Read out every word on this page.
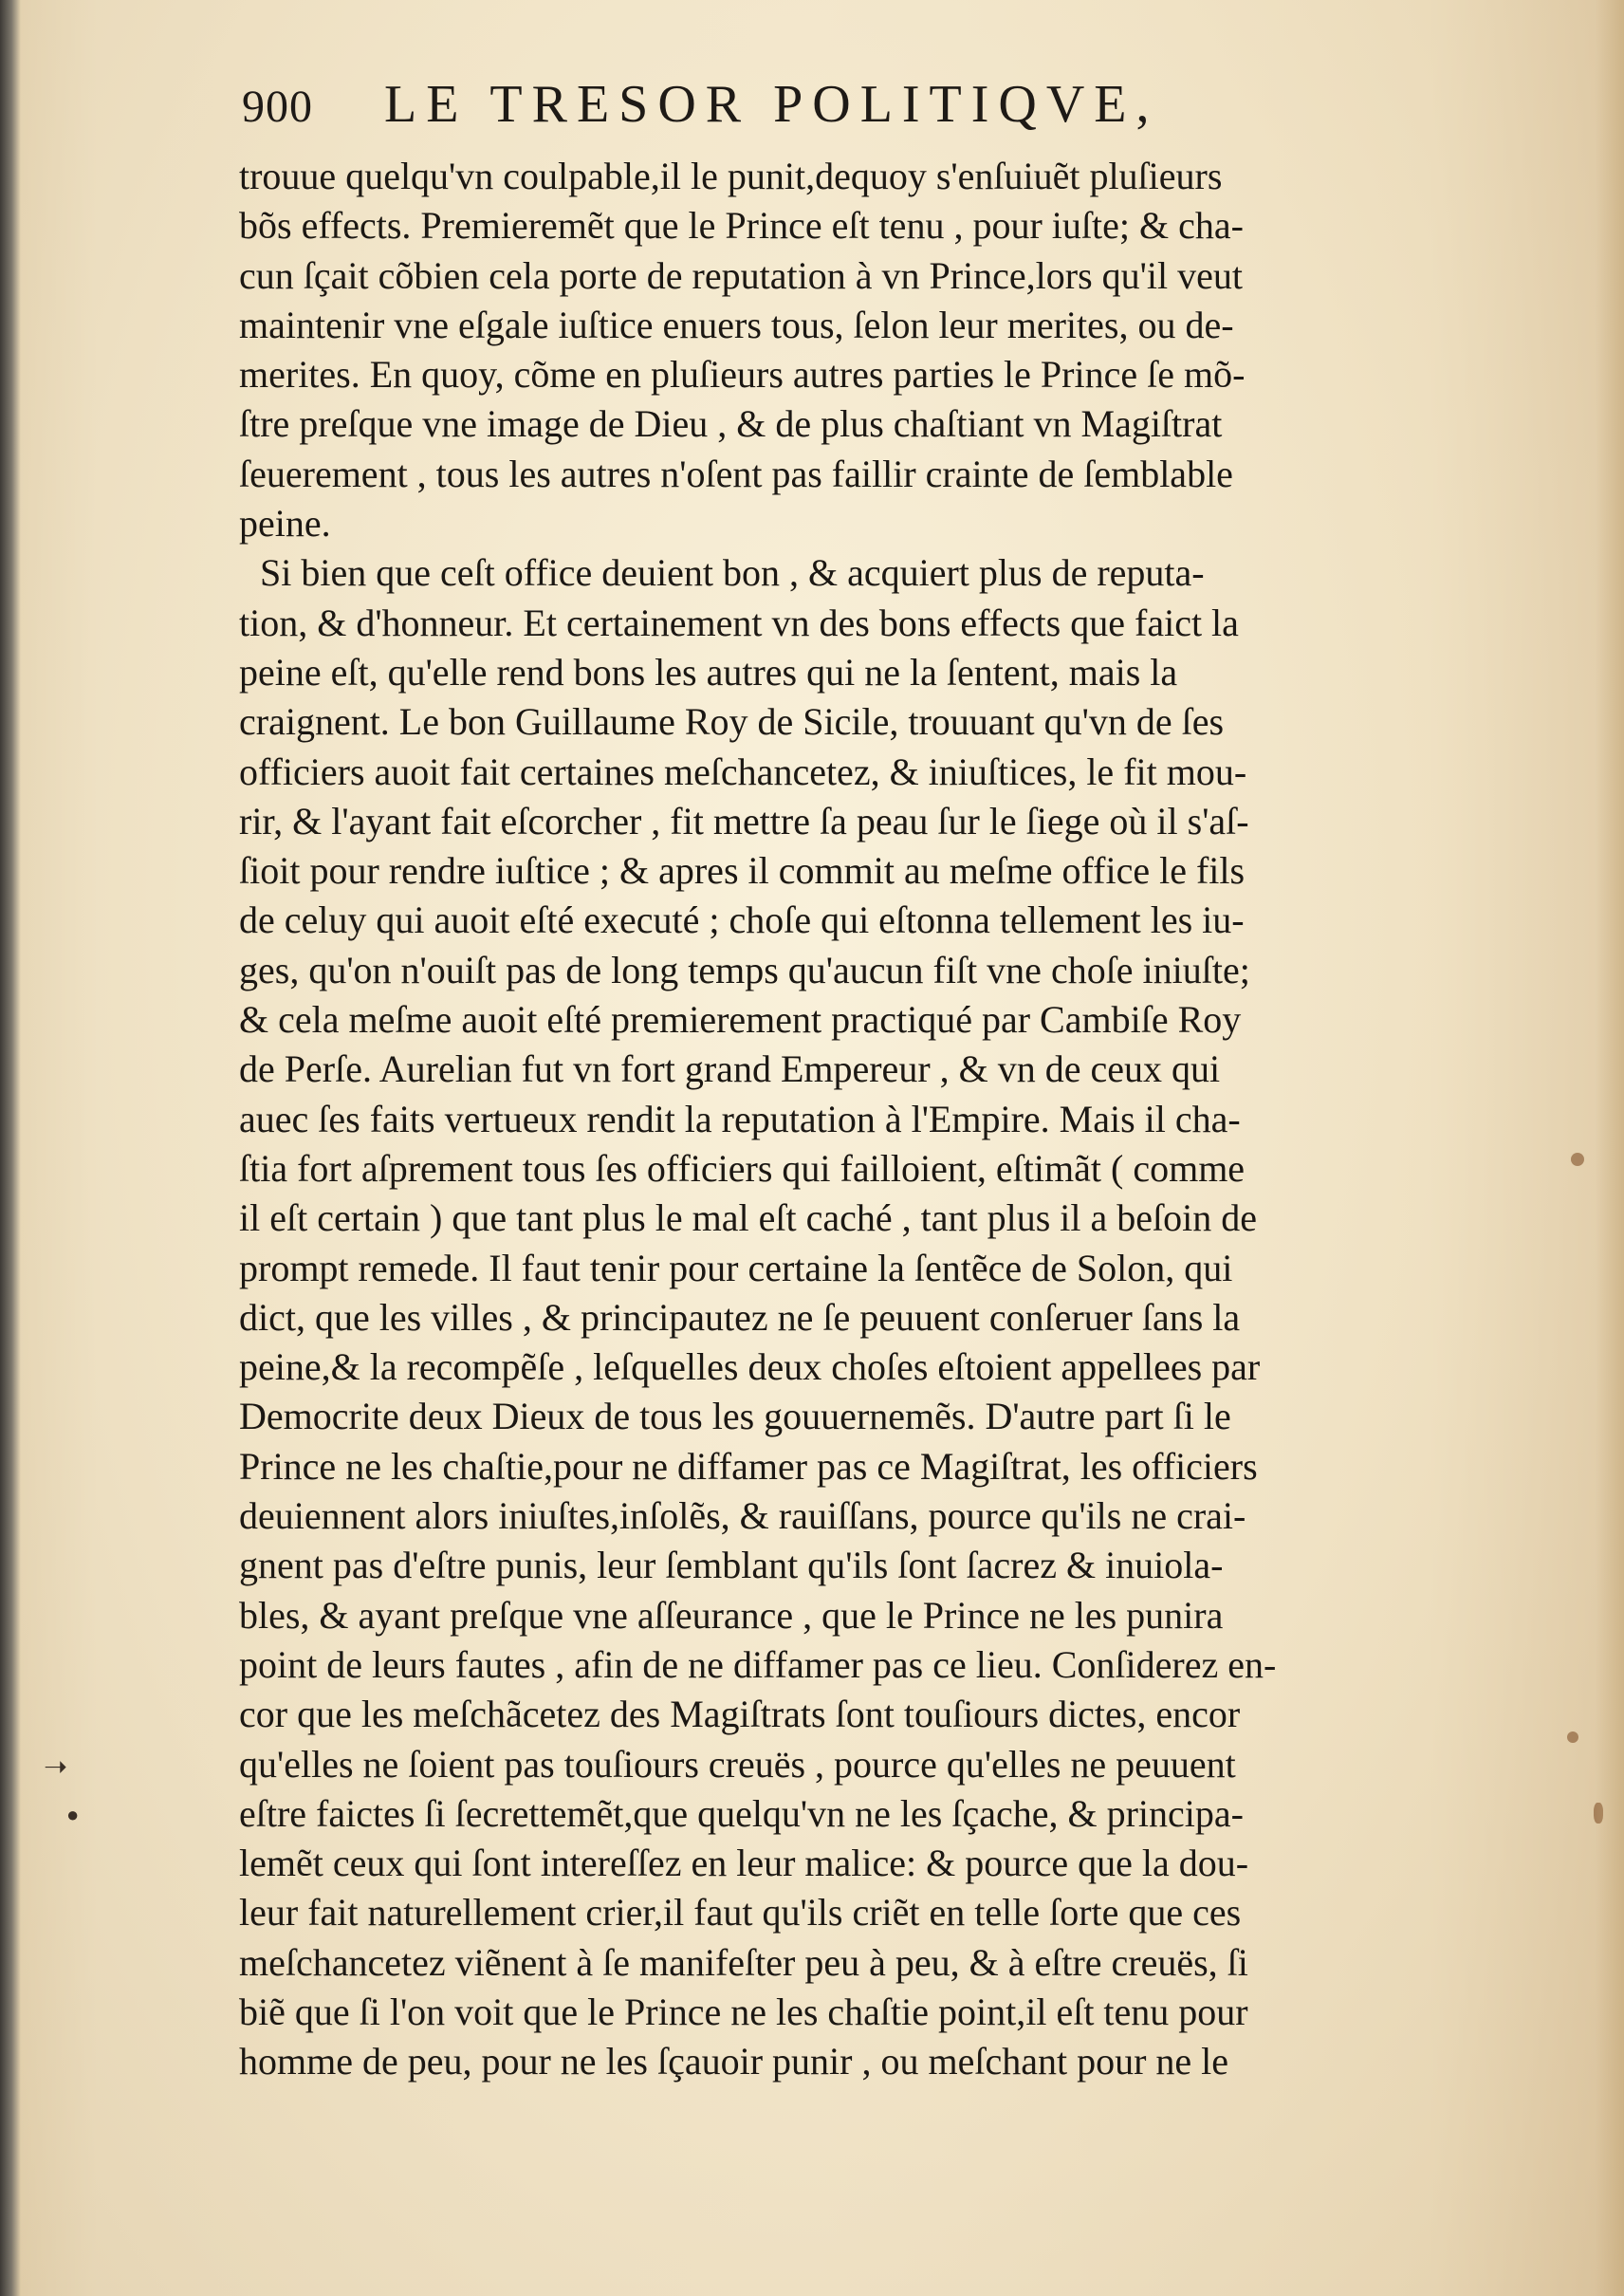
900	LE TRESOR POLITIQVE,
trouue quelqu'vn coulpable,il le punit,dequoy s'enſuiuẽt pluſieurs
bõs effects. Premieremẽt que le Prince eſt tenu , pour iuſte; & cha-
cun ſçait cõbien cela porte de reputation à vn Prince,lors qu'il veut
maintenir vne eſgale iuſtice enuers tous, ſelon leur merites, ou de-
merites. En quoy, cõme en pluſieurs autres parties le Prince ſe mõ-
ſtre preſque vne image de Dieu , & de plus chaſtiant vn Magiſtrat
ſeuerement , tous les autres n'oſent pas faillir crainte de ſemblable
peine.
Si bien que ceſt office deuient bon , & acquiert plus de reputa-
tion, & d'honneur. Et certainement vn des bons effects que faict la
peine eſt, qu'elle rend bons les autres qui ne la ſentent, mais la
craignent. Le bon Guillaume Roy de Sicile, trouuant qu'vn de ſes
officiers auoit fait certaines meſchancetez, & iniuſtices, le fit mou-
rir, & l'ayant fait eſcorcher , fit mettre ſa peau ſur le ſiege où il s'aſ-
ſioit pour rendre iuſtice ; & apres il commit au meſme office le fils
de celuy qui auoit eſté executé ; choſe qui eſtonna tellement les iu-
ges, qu'on n'ouiſt pas de long temps qu'aucun fiſt vne choſe iniuſte;
& cela meſme auoit eſté premierement practiqué par Cambiſe Roy
de Perſe. Aurelian fut vn fort grand Empereur , & vn de ceux qui
auec ſes faits vertueux rendit la reputation à l'Empire. Mais il cha-
ſtia fort aſprement tous ſes officiers qui failloient, eſtimãt ( comme
il eſt certain ) que tant plus le mal eſt caché , tant plus il a beſoin de
prompt remede. Il faut tenir pour certaine la ſentẽce de Solon, qui
dict, que les villes , & principautez ne ſe peuuent conſeruer ſans la
peine,& la recompẽſe , leſquelles deux choſes eſtoient appellees par
Democrite deux Dieux de tous les gouuernemẽs. D'autre part ſi le
Prince ne les chaſtie,pour ne diffamer pas ce Magiſtrat, les officiers
deuiennent alors iniuſtes,inſolẽs, & rauiſſans, pource qu'ils ne crai-
gnent pas d'eſtre punis, leur ſemblant qu'ils ſont ſacrez & inuiola-
bles, & ayant preſque vne aſſeurance , que le Prince ne les punira
point de leurs fautes , afin de ne diffamer pas ce lieu. Conſiderez en-
cor que les meſchãcetez des Magiſtrats ſont touſiours dictes, encor
qu'elles ne ſoient pas touſiours creuës , pource qu'elles ne peuuent
eſtre faictes ſi ſecrettemẽt,que quelqu'vn ne les ſçache, & principa-
lemẽt ceux qui ſont intereſſez en leur malice: & pource que la dou-
leur fait naturellement crier,il faut qu'ils criẽt en telle ſorte que ces
meſchancetez viẽnent à ſe manifeſter peu à peu, & à eſtre creuës, ſi
biẽ que ſi l'on voit que le Prince ne les chaſtie point,il eſt tenu pour
homme de peu, pour ne les ſçauoir punir , ou meſchant pour ne le
➝
●
